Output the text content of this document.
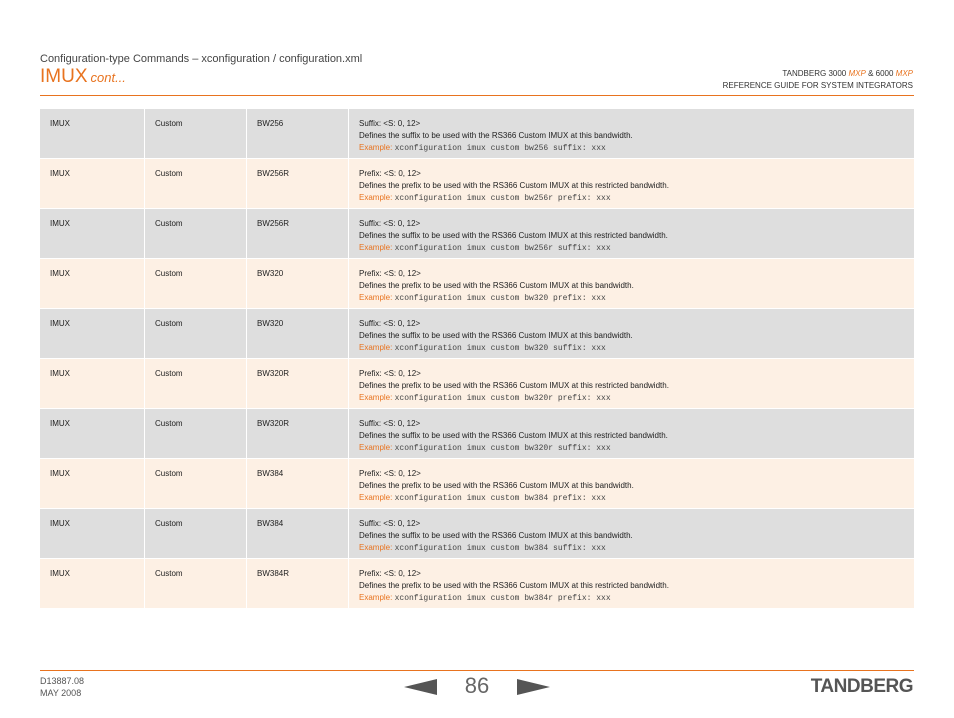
Configuration-type Commands – xconfiguration / configuration.xml
IMUX cont...	TANDBERG 3000 MXP & 6000 MXP
REFERENCE GUIDE FOR SYSTEM INTEGRATORS
IMUX	Custom	BW256	Suffix: <S: 0, 12>
Defines the suffix to be used with the RS366 Custom IMUX at this bandwidth.
Example: xconfiguration imux custom bw256 suffix: xxx
IMUX	Custom	BW256R	Prefix: <S: 0, 12>
Defines the prefix to be used with the RS366 Custom IMUX at this restricted bandwidth.
Example: xconfiguration imux custom bw256r prefix: xxx
IMUX	Custom	BW256R	Suffix: <S: 0, 12>
Defines the suffix to be used with the RS366 Custom IMUX at this restricted bandwidth.
Example: xconfiguration imux custom bw256r suffix: xxx
IMUX	Custom	BW320	Prefix: <S: 0, 12>
Defines the prefix to be used with the RS366 Custom IMUX at this bandwidth.
Example: xconfiguration imux custom bw320 prefix: xxx
IMUX	Custom	BW320	Suffix: <S: 0, 12>
Defines the suffix to be used with the RS366 Custom IMUX at this bandwidth.
Example: xconfiguration imux custom bw320 suffix: xxx
IMUX	Custom	BW320R	Prefix: <S: 0, 12>
Defines the prefix to be used with the RS366 Custom IMUX at this restricted bandwidth.
Example: xconfiguration imux custom bw320r prefix: xxx
IMUX	Custom	BW320R	Suffix: <S: 0, 12>
Defines the suffix to be used with the RS366 Custom IMUX at this restricted bandwidth.
Example: xconfiguration imux custom bw320r suffix: xxx
IMUX	Custom	BW384	Prefix: <S: 0, 12>
Defines the prefix to be used with the RS366 Custom IMUX at this bandwidth.
Example: xconfiguration imux custom bw384 prefix: xxx
IMUX	Custom	BW384	Suffix: <S: 0, 12>
Defines the suffix to be used with the RS366 Custom IMUX at this bandwidth.
Example: xconfiguration imux custom bw384 suffix: xxx
IMUX	Custom	BW384R	Prefix: <S: 0, 12>
Defines the prefix to be used with the RS366 Custom IMUX at this restricted bandwidth.
Example: xconfiguration imux custom bw384r prefix: xxx
D13887.08
MAY 2008	86	TANDBERG
